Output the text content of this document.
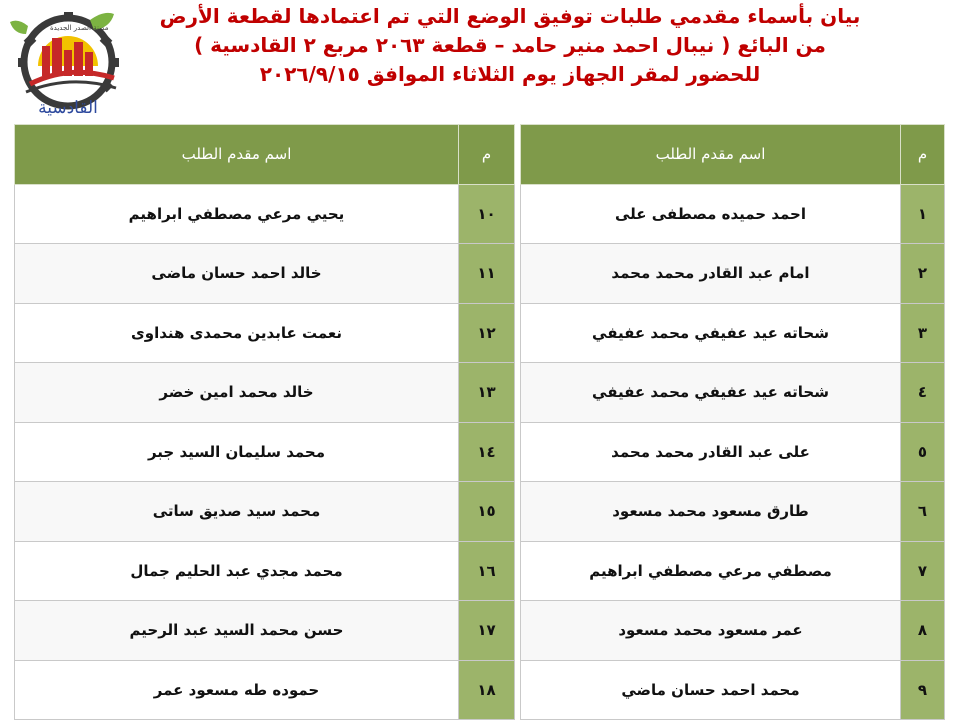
بيان بأسماء مقدمي طلبات توفيق الوضع التي تم اعتمادها لقطعة الأرض
من البائع ( نيبال احمد منير حامد – قطعة ٢٠٦٣ مربع ٢ القادسية )
للحضور لمقر الجهاز يوم الثلاثاء الموافق ٢٠٢٦/٩/١٥
مدينة الصدر الجديدة
القادسية
م	اسم مقدم الطلب		م	اسم مقدم الطلب
١	احمد حميده مصطفى على		١٠	يحيي مرعي مصطفي ابراهيم
٢	امام عبد القادر محمد محمد		١١	خالد احمد حسان ماضى
٣	شحاته عيد عفيفي محمد عفيفي		١٢	نعمت عابدين محمدى هنداوى
٤	شحاته عيد عفيفي محمد عفيفي		١٣	خالد محمد امين خضر
٥	على عبد القادر محمد محمد		١٤	محمد سليمان السيد جبر
٦	طارق مسعود محمد مسعود		١٥	محمد سيد صديق ساتى
٧	مصطفي مرعي مصطفي ابراهيم		١٦	محمد مجدي عبد الحليم جمال
٨	عمر مسعود محمد مسعود		١٧	حسن محمد السيد عبد الرحيم
٩	محمد احمد حسان ماضي		١٨	حموده طه مسعود عمر
